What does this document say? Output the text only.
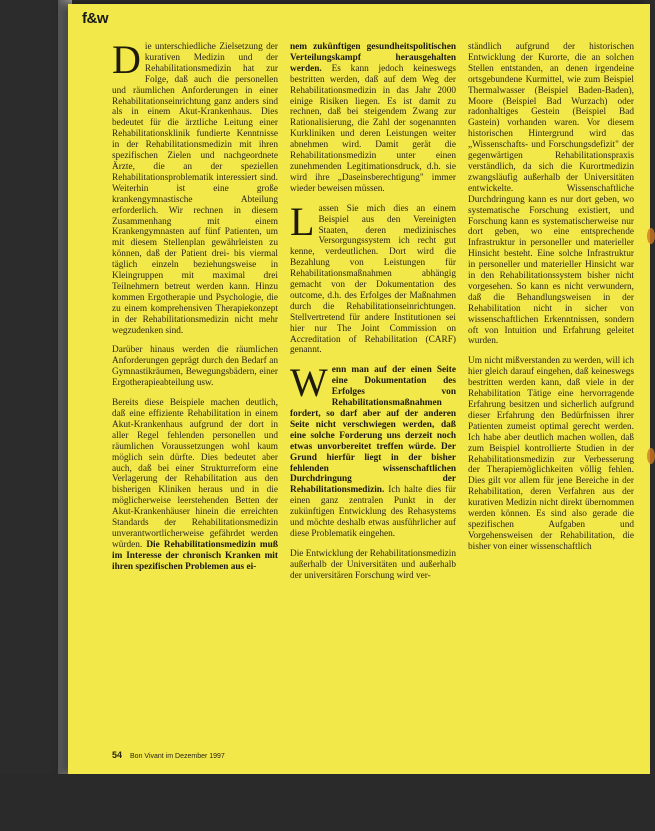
f&w

Die unterschiedliche Zielsetzung der kurativen Medizin und der Rehabilitationsmedizin hat zur Folge, daß auch die personellen und räumlichen Anforderungen in einer Rehabilitationseinrichtung ganz anders sind als in einem Akut-Krankenhaus. Dies bedeutet für die ärztliche Leitung einer Rehabilitationsklinik fundierte Kenntnisse in der Rehabilitationsmedizin mit ihren spezifischen Zielen und nachgeordnete Ärzte, die an der speziellen Rehabilitationsproblematik interessiert sind. Weiterhin ist eine große krankengymnastische Abteilung erforderlich. Wir rechnen in diesem Zusammenhang mit einem Krankengymnasten auf fünf Patienten, um mit diesem Stellenplan gewährleisten zu können, daß der Patient drei- bis viermal täglich einzeln beziehungsweise in Kleingruppen mit maximal drei Teilnehmern betreut werden kann. Hinzu kommen Ergotherapie und Psychologie, die zu einem komprehensiven Therapiekonzept in der Rehabilitationsmedizin nicht mehr wegzudenken sind.

Darüber hinaus werden die räumlichen Anforderungen geprägt durch den Bedarf an Gymnastikräumen, Bewegungsbädern, einer Ergotherapieabteilung usw.

Bereits diese Beispiele machen deutlich, daß eine effiziente Rehabilitation in einem Akut-Krankenhaus aufgrund der dort in aller Regel fehlenden personellen und räumlichen Voraussetzungen wohl kaum möglich sein dürfte. Dies bedeutet aber auch, daß bei einer Strukturreform eine Verlagerung der Rehabilitation aus den bisherigen Kliniken heraus und in die möglicherweise leerstehenden Betten der Akut-Krankenhäuser hinein die erreichten Standards der Rehabilitationsmedizin unverantwortlicherweise gefährdet werden würden. Die Rehabilitationsmedizin muß im Interesse der chronisch Kranken mit ihren spezifischen Problemen aus ei-

nem zukünftigen gesundheitspolitischen Verteilungskampf herausgehalten werden. Es kann jedoch keineswegs bestritten werden, daß auf dem Weg der Rehabilitationsmedizin in das Jahr 2000 einige Risiken liegen. Es ist damit zu rechnen, daß bei steigendem Zwang zur Rationalisierung, die Zahl der sogenannten Kurkliniken und deren Leistungen weiter abnehmen wird. Damit gerät die Rehabilitationsmedizin unter einen zunehmenden Legitimationsdruck, d.h. sie wird ihre „Daseinsberechtigung" immer wieder beweisen müssen.

Lassen Sie mich dies an einem Beispiel aus den Vereinigten Staaten, deren medizinisches Versorgungssystem ich recht gut kenne, verdeutlichen. Dort wird die Bezahlung von Leistungen für Rehabilitationsmaßnahmen abhängig gemacht von der Dokumentation des outcome, d.h. des Erfolges der Maßnahmen durch die Rehabilitationseinrichtungen. Stellvertretend für andere Institutionen sei hier nur The Joint Commission on Accreditation of Rehabilitation (CARF) genannt.

Wenn man auf der einen Seite eine Dokumentation des Erfolges von Rehabilitationsmaßnahmen fordert, so darf aber auf der anderen Seite nicht verschwiegen werden, daß eine solche Forderung uns derzeit noch etwas unvorbereitet treffen würde. Der Grund hierfür liegt in der bisher fehlenden wissenschaftlichen Durchdringung der Rehabilitationsmedizin. Ich halte dies für einen ganz zentralen Punkt in der zukünftigen Entwicklung des Rehasystems und möchte deshalb etwas ausführlicher auf diese Problematik eingehen.

Die Entwicklung der Rehabilitationsmedizin außerhalb der Universitäten und außerhalb der universitären Forschung wird ver-

ständlich aufgrund der historischen Entwicklung der Kurorte, die an solchen Stellen entstanden, an denen irgendeine ortsgebundene Kurmittel, wie zum Beispiel Thermalwasser (Beispiel Baden-Baden), Moore (Beispiel Bad Wurzach) oder radonhaltiges Gestein (Beispiel Bad Gastein) vorhanden waren. Vor diesem historischen Hintergrund wird das „Wissenschafts- und Forschungsdefizit" der gegenwärtigen Rehabilitationspraxis verständlich, da sich die Kurortmedizin zwangsläufig außerhalb der Universitäten entwickelte. Wissenschaftliche Durchdringung kann es nur dort geben, wo systematische Forschung existiert, und Forschung kann es systematischerweise nur dort geben, wo eine entsprechende Infrastruktur in personeller und materieller Hinsicht besteht. Eine solche Infrastruktur in personeller und materieller Hinsicht war in den Rehabilitationssystem bisher nicht vorgesehen. So kann es nicht verwundern, daß die Behandlungsweisen in der Rehabilitation nicht in sicher von wissenschaftlichen Erkenntnissen, sondern oft von Intuition und Erfahrung geleitet wurden.

Um nicht mißverstanden zu werden, will ich hier gleich darauf eingehen, daß keineswegs bestritten werden kann, daß viele in der Rehabilitation Tätige eine hervorragende Erfahrung besitzen und sicherlich aufgrund dieser Erfahrung den Bedürfnissen ihrer Patienten zumeist optimal gerecht werden. Ich habe aber deutlich machen wollen, daß zum Beispiel kontrollierte Studien in der Rehabilitationsmedizin zur Verbesserung der Therapiemöglichkeiten völlig fehlen. Dies gilt vor allem für jene Bereiche in der Rehabilitation, deren Verfahren aus der kurativen Medizin nicht direkt übernommen werden können. Es sind also gerade die spezifischen Aufgaben und Vorgehensweisen der Rehabilitation, die bisher von einer wissenschaftlich

54 Bon Vivant im Dezember 1997
